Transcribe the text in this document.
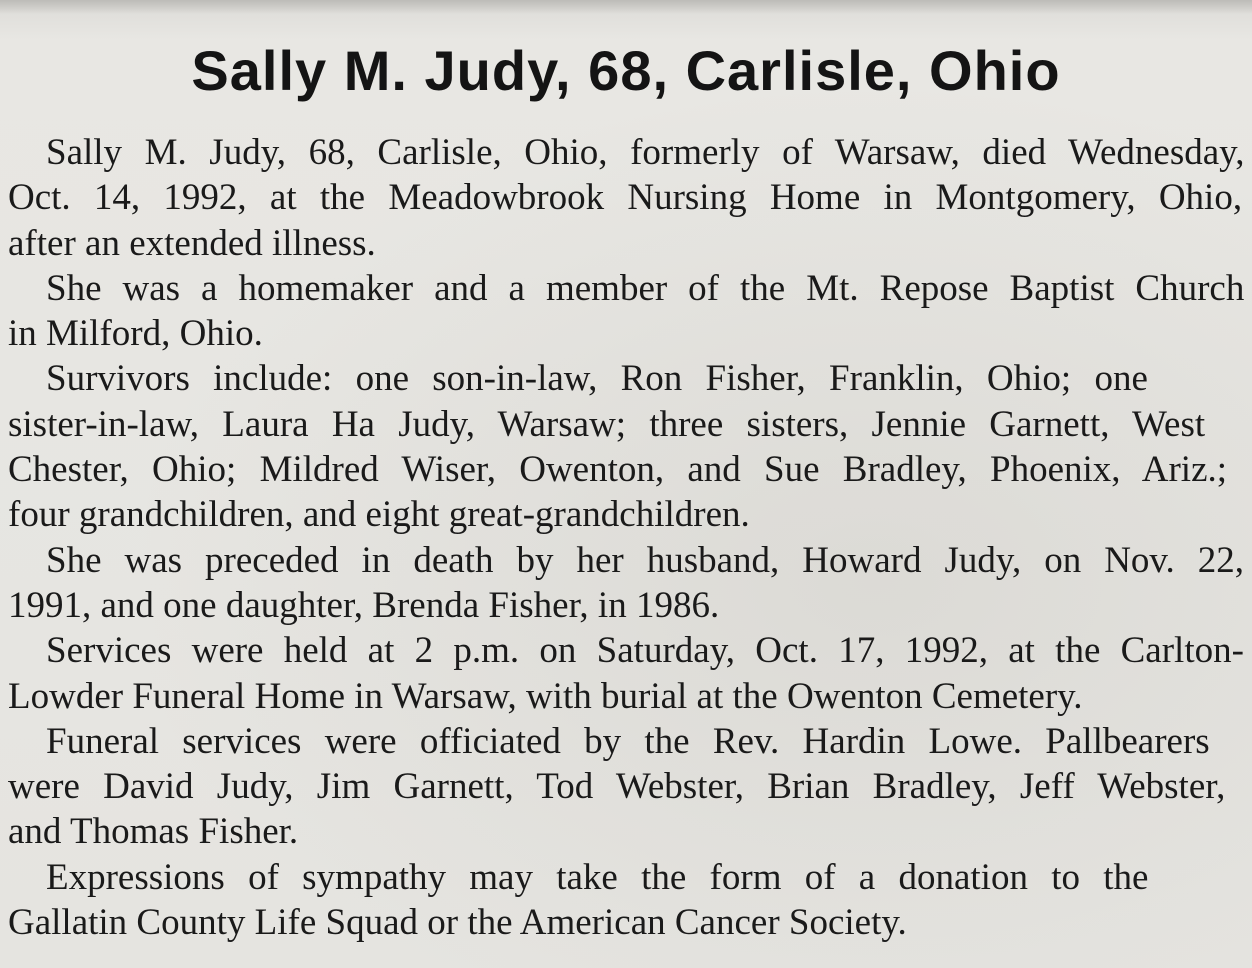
Sally M. Judy, 68, Carlisle, Ohio
Sally M. Judy, 68, Carlisle, Ohio, formerly of Warsaw, died Wednesday,
Oct. 14, 1992, at the Meadowbrook Nursing Home in Montgomery, Ohio,
after an extended illness.
She was a homemaker and a member of the Mt. Repose Baptist Church
in Milford, Ohio.
Survivors include: one son-in-law, Ron Fisher, Franklin, Ohio; one
sister-in-law, Laura Ha Judy, Warsaw; three sisters, Jennie Garnett, West
Chester, Ohio; Mildred Wiser, Owenton, and Sue Bradley, Phoenix, Ariz.;
four grandchildren, and eight great-grandchildren.
She was preceded in death by her husband, Howard Judy, on Nov. 22,
1991, and one daughter, Brenda Fisher, in 1986.
Services were held at 2 p.m. on Saturday, Oct. 17, 1992, at the Carlton-
Lowder Funeral Home in Warsaw, with burial at the Owenton Cemetery.
Funeral services were officiated by the Rev. Hardin Lowe. Pallbearers
were David Judy, Jim Garnett, Tod Webster, Brian Bradley, Jeff Webster,
and Thomas Fisher.
Expressions of sympathy may take the form of a donation to the
Gallatin County Life Squad or the American Cancer Society.
